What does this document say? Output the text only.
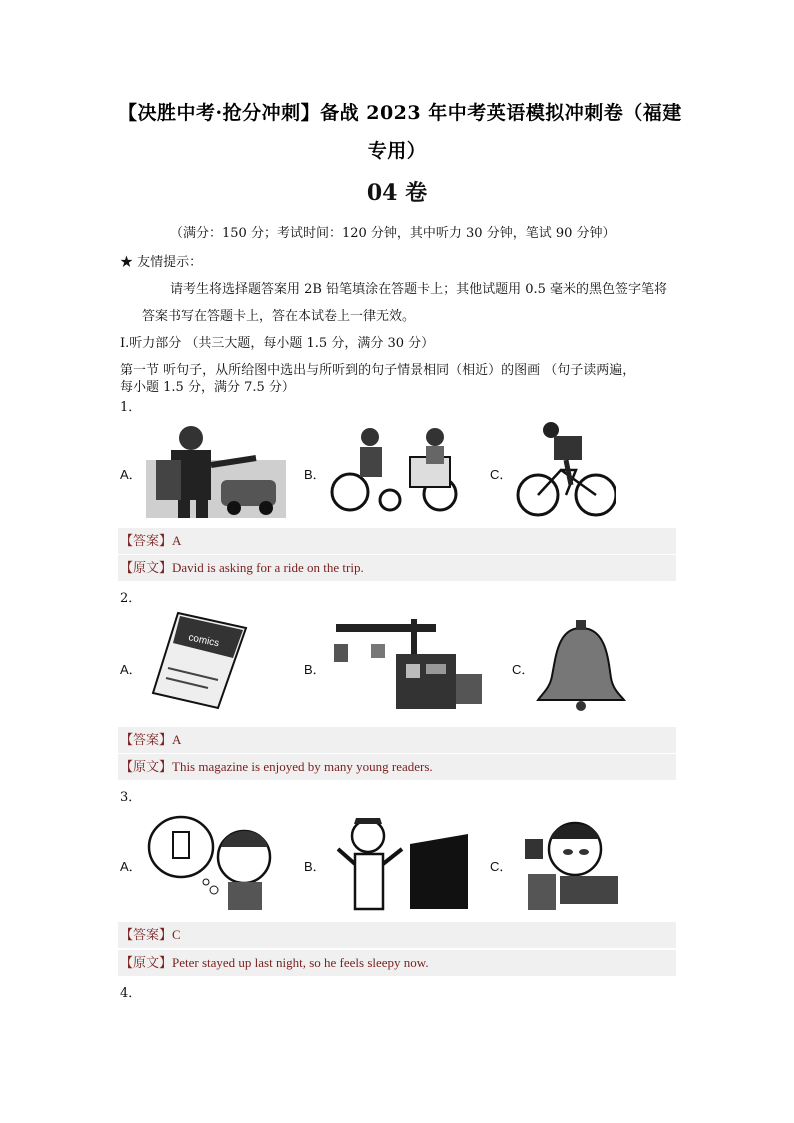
【决胜中考·抢分冲刺】备战 2023 年中考英语模拟冲刺卷（福建
专用）
04 卷
（满分：150 分；考试时间：120 分钟，其中听力 30 分钟，笔试 90 分钟）
★ 友情提示：
请考生将选择题答案用 2B 铅笔填涂在答题卡上；其他试题用 0.5 毫米的黑色签字笔将
答案书写在答题卡上，答在本试卷上一律无效。
I.听力部分 （共三大题，每小题 1.5 分，满分 30 分）
第一节 听句子，从所给图中选出与所听到的句子情景相同（相近）的图画 （句子读两遍，
每小题 1.5 分，满分 7.5 分）
1．
A．	B．	C．
【答案】A
【原文】David is asking for a ride on the trip.
2．
A．	B．	C．
comics
【答案】A
【原文】This magazine is enjoyed by many young readers.
3．
A．	B．	C．
【答案】C
【原文】Peter stayed up last night, so he feels sleepy now.
4．
